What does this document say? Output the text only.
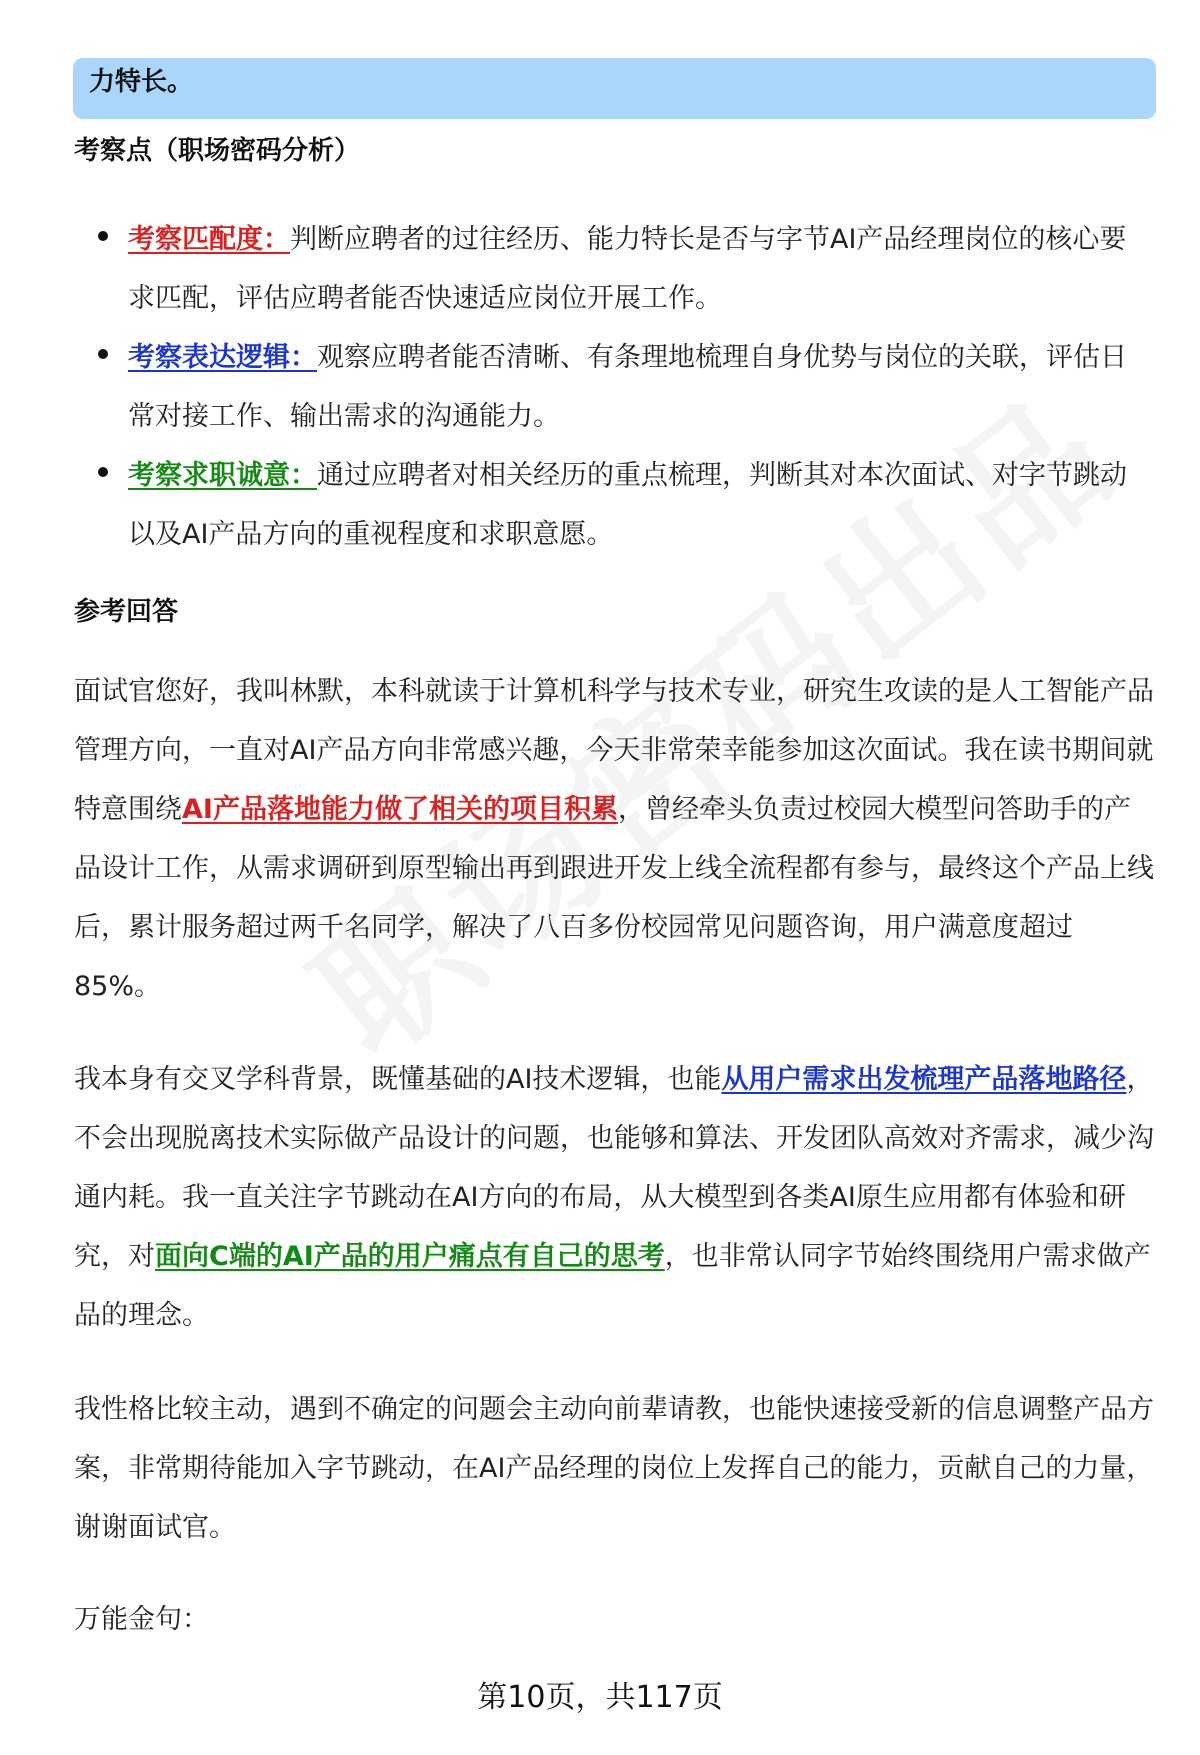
力特长。
考察点（职场密码分析）

考察匹配度：判断应聘者的过往经历、能力特长是否与字节AI产品经理岗位的核心要求匹配，评估应聘者能否快速适应岗位开展工作。

考察表达逻辑：观察应聘者能否清晰、有条理地梳理自身优势与岗位的关联，评估日常对接工作、输出需求的沟通能力。

考察求职诚意：通过应聘者对相关经历的重点梳理，判断其对本次面试、对字节跳动以及AI产品方向的重视程度和求职意愿。

参考回答

面试官您好，我叫林默，本科就读于计算机科学与技术专业，研究生攻读的是人工智能产品管理方向，一直对AI产品方向非常感兴趣，今天非常荣幸能参加这次面试。我在读书期间就特意围绕AI产品落地能力做了相关的项目积累，曾经牵头负责过校园大模型问答助手的产品设计工作，从需求调研到原型输出再到跟进开发上线全流程都有参与，最终这个产品上线后，累计服务超过两千名同学，解决了八百多份校园常见问题咨询，用户满意度超过85%。

我本身有交叉学科背景，既懂基础的AI技术逻辑，也能从用户需求出发梳理产品落地路径，不会出现脱离技术实际做产品设计的问题，也能够和算法、开发团队高效对齐需求，减少沟通内耗。我一直关注字节跳动在AI方向的布局，从大模型到各类AI原生应用都有体验和研究，对面向C端的AI产品的用户痛点有自己的思考，也非常认同字节始终围绕用户需求做产品的理念。

我性格比较主动，遇到不确定的问题会主动向前辈请教，也能快速接受新的信息调整产品方案，非常期待能加入字节跳动，在AI产品经理的岗位上发挥自己的能力，贡献自己的力量，谢谢面试官。

万能金句：

第10页，共117页
